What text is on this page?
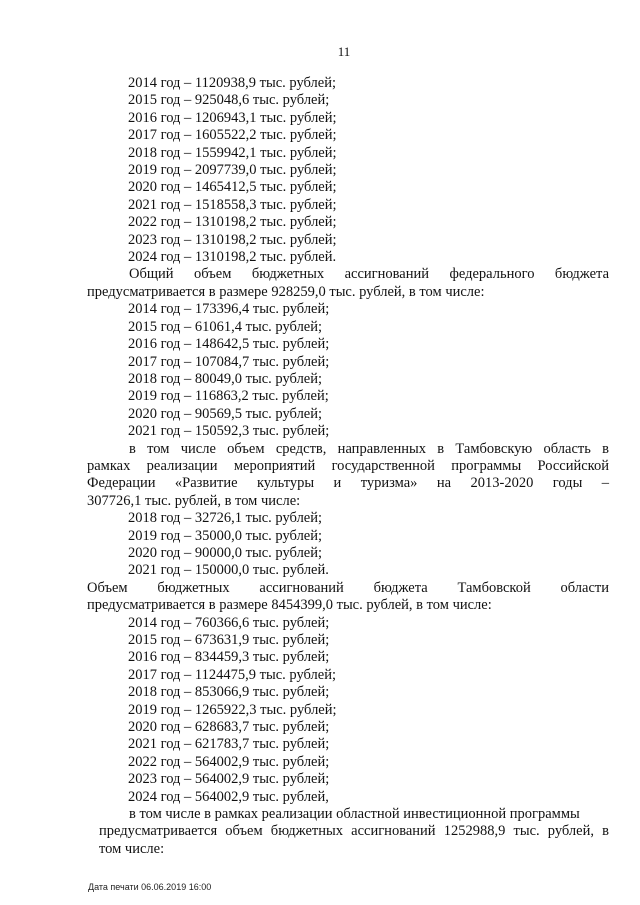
11
2014 год – 1120938,9 тыс. рублей;
2015 год – 925048,6 тыс. рублей;
2016 год – 1206943,1 тыс. рублей;
2017 год – 1605522,2 тыс. рублей;
2018 год – 1559942,1 тыс. рублей;
2019 год – 2097739,0 тыс. рублей;
2020 год – 1465412,5 тыс. рублей;
2021 год – 1518558,3 тыс. рублей;
2022 год – 1310198,2 тыс. рублей;
2023 год – 1310198,2 тыс. рублей;
2024 год – 1310198,2 тыс. рублей.
Общий объем бюджетных ассигнований федерального бюджета
предусматривается в размере 928259,0 тыс. рублей, в том числе:
2014 год – 173396,4 тыс. рублей;
2015 год – 61061,4 тыс. рублей;
2016 год – 148642,5 тыс. рублей;
2017 год – 107084,7 тыс. рублей;
2018 год – 80049,0 тыс. рублей;
2019 год – 116863,2 тыс. рублей;
2020 год – 90569,5 тыс. рублей;
2021 год – 150592,3 тыс. рублей;
в том числе объем средств, направленных в Тамбовскую область в
рамках реализации мероприятий государственной программы Российской
Федерации «Развитие культуры и туризма» на 2013-2020 годы –
307726,1 тыс. рублей, в том числе:
2018 год – 32726,1 тыс. рублей;
2019 год – 35000,0 тыс. рублей;
2020 год – 90000,0 тыс. рублей;
2021 год – 150000,0 тыс. рублей.
Объем бюджетных ассигнований бюджета Тамбовской области
предусматривается в размере 8454399,0 тыс. рублей, в том числе:
2014 год – 760366,6 тыс. рублей;
2015 год – 673631,9 тыс. рублей;
2016 год – 834459,3 тыс. рублей;
2017 год – 1124475,9 тыс. рублей;
2018 год – 853066,9 тыс. рублей;
2019 год – 1265922,3 тыс. рублей;
2020 год – 628683,7 тыс. рублей;
2021 год – 621783,7 тыс. рублей;
2022 год – 564002,9 тыс. рублей;
2023 год – 564002,9 тыс. рублей;
2024 год – 564002,9 тыс. рублей,
в том числе в рамках реализации областной инвестиционной программы
предусматривается объем бюджетных ассигнований 1252988,9 тыс. рублей, в
том числе:
Дата печати 06.06.2019 16:00
